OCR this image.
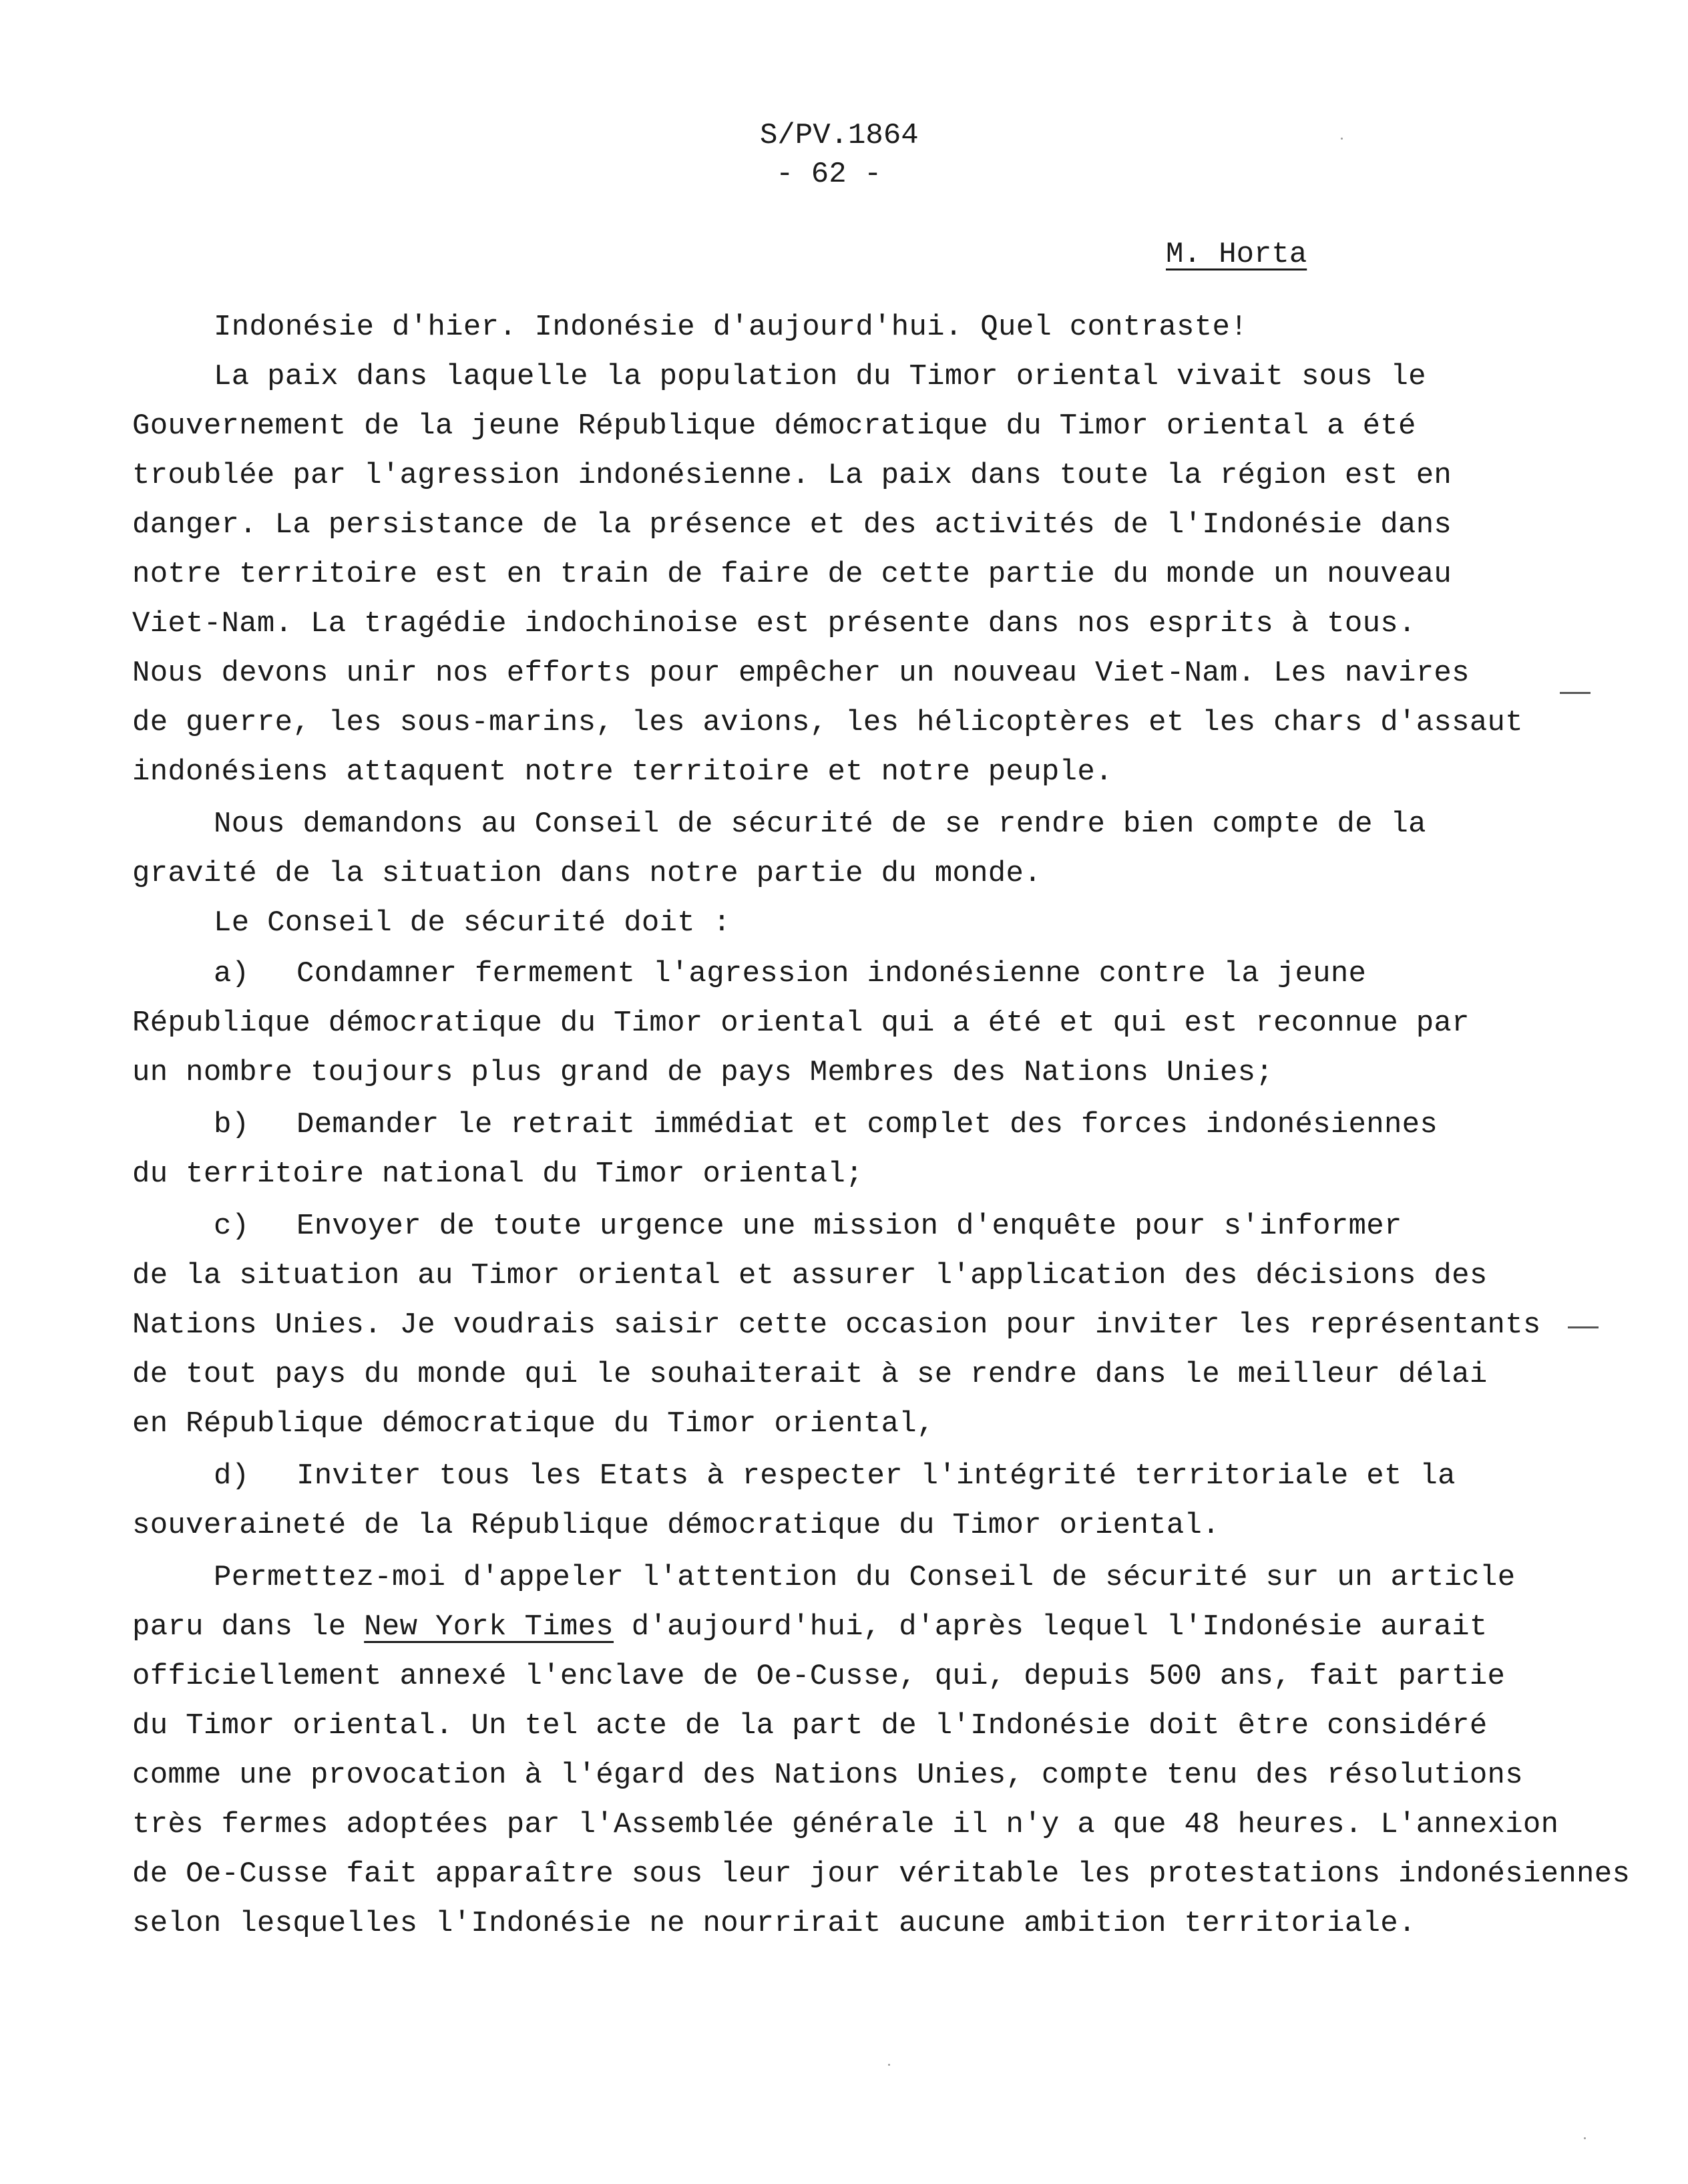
S/PV.1864
- 62 -
M. Horta
Indonésie d'hier. Indonésie d'aujourd'hui. Quel contraste!
La paix dans laquelle la population du Timor oriental vivait sous le
Gouvernement de la jeune République démocratique du Timor oriental a été
troublée par l'agression indonésienne. La paix dans toute la région est en
danger. La persistance de la présence et des activités de l'Indonésie dans
notre territoire est en train de faire de cette partie du monde un nouveau
Viet-Nam. La tragédie indochinoise est présente dans nos esprits à tous.
Nous devons unir nos efforts pour empêcher un nouveau Viet-Nam. Les navires
de guerre, les sous-marins, les avions, les hélicoptères et les chars d'assaut
indonésiens attaquent notre territoire et notre peuple.
Nous demandons au Conseil de sécurité de se rendre bien compte de la
gravité de la situation dans notre partie du monde.
Le Conseil de sécurité doit :
a) Condamner fermement l'agression indonésienne contre la jeune
République démocratique du Timor oriental qui a été et qui est reconnue par
un nombre toujours plus grand de pays Membres des Nations Unies;
b) Demander le retrait immédiat et complet des forces indonésiennes
du territoire national du Timor oriental;
c) Envoyer de toute urgence une mission d'enquête pour s'informer
de la situation au Timor oriental et assurer l'application des décisions des
Nations Unies. Je voudrais saisir cette occasion pour inviter les représentants
de tout pays du monde qui le souhaiterait à se rendre dans le meilleur délai
en République démocratique du Timor oriental,
d) Inviter tous les Etats à respecter l'intégrité territoriale et la
souveraineté de la République démocratique du Timor oriental.
Permettez-moi d'appeler l'attention du Conseil de sécurité sur un article
paru dans le New York Times d'aujourd'hui, d'après lequel l'Indonésie aurait
officiellement annexé l'enclave de Oe-Cusse, qui, depuis 500 ans, fait partie
du Timor oriental. Un tel acte de la part de l'Indonésie doit être considéré
comme une provocation à l'égard des Nations Unies, compte tenu des résolutions
très fermes adoptées par l'Assemblée générale il n'y a que 48 heures. L'annexion
de Oe-Cusse fait apparaître sous leur jour véritable les protestations indonésiennes
selon lesquelles l'Indonésie ne nourrirait aucune ambition territoriale.
